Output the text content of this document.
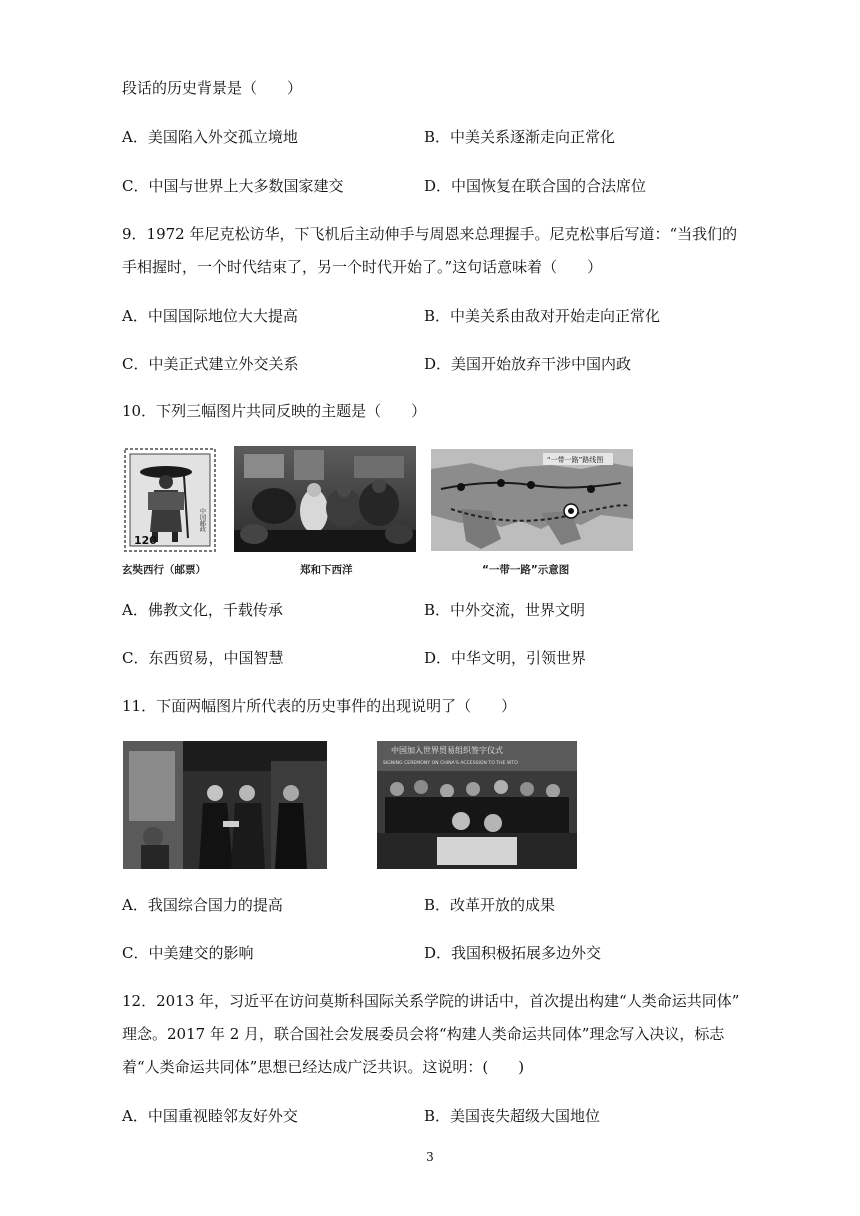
段话的历史背景是（　　）
A．美国陷入外交孤立境地	B．中美关系逐渐走向正常化
C．中国与世界上大多数国家建交	D．中国恢复在联合国的合法席位
9．1972 年尼克松访华，下飞机后主动伸手与周恩来总理握手。尼克松事后写道：“当我们的
手相握时，一个时代结束了，另一个时代开始了。”这句话意味着（　　）
A．中国国际地位大大提高	B．中美关系由敌对开始走向正常化
C．中美正式建立外交关系	D．美国开始放弃干涉中国内政
10．下列三幅图片共同反映的主题是（　　）
120
中国邮政
玄奘西行（邮票）	郑和下西洋
“一带一路”路线图
“一带一路”示意图
A．佛教文化，千载传承	B．中外交流，世界文明
C．东西贸易，中国智慧	D．中华文明，引领世界
11．下面两幅图片所代表的历史事件的出现说明了（　　）
中国加入世界贸易组织签字仪式
SIGNING CEREMONY ON CHINA'S ACCESSION TO THE WTO
A．我国综合国力的提高	B．改革开放的成果
C．中美建交的影响	D．我国积极拓展多边外交
12．2013 年，习近平在访问莫斯科国际关系学院的讲话中，首次提出构建“人类命运共同体”
理念。2017 年 2 月，联合国社会发展委员会将“构建人类命运共同体”理念写入决议，标志
着“人类命运共同体”思想已经达成广泛共识。这说明：(　　)
A．中国重视睦邻友好外交	B．美国丧失超级大国地位
3
